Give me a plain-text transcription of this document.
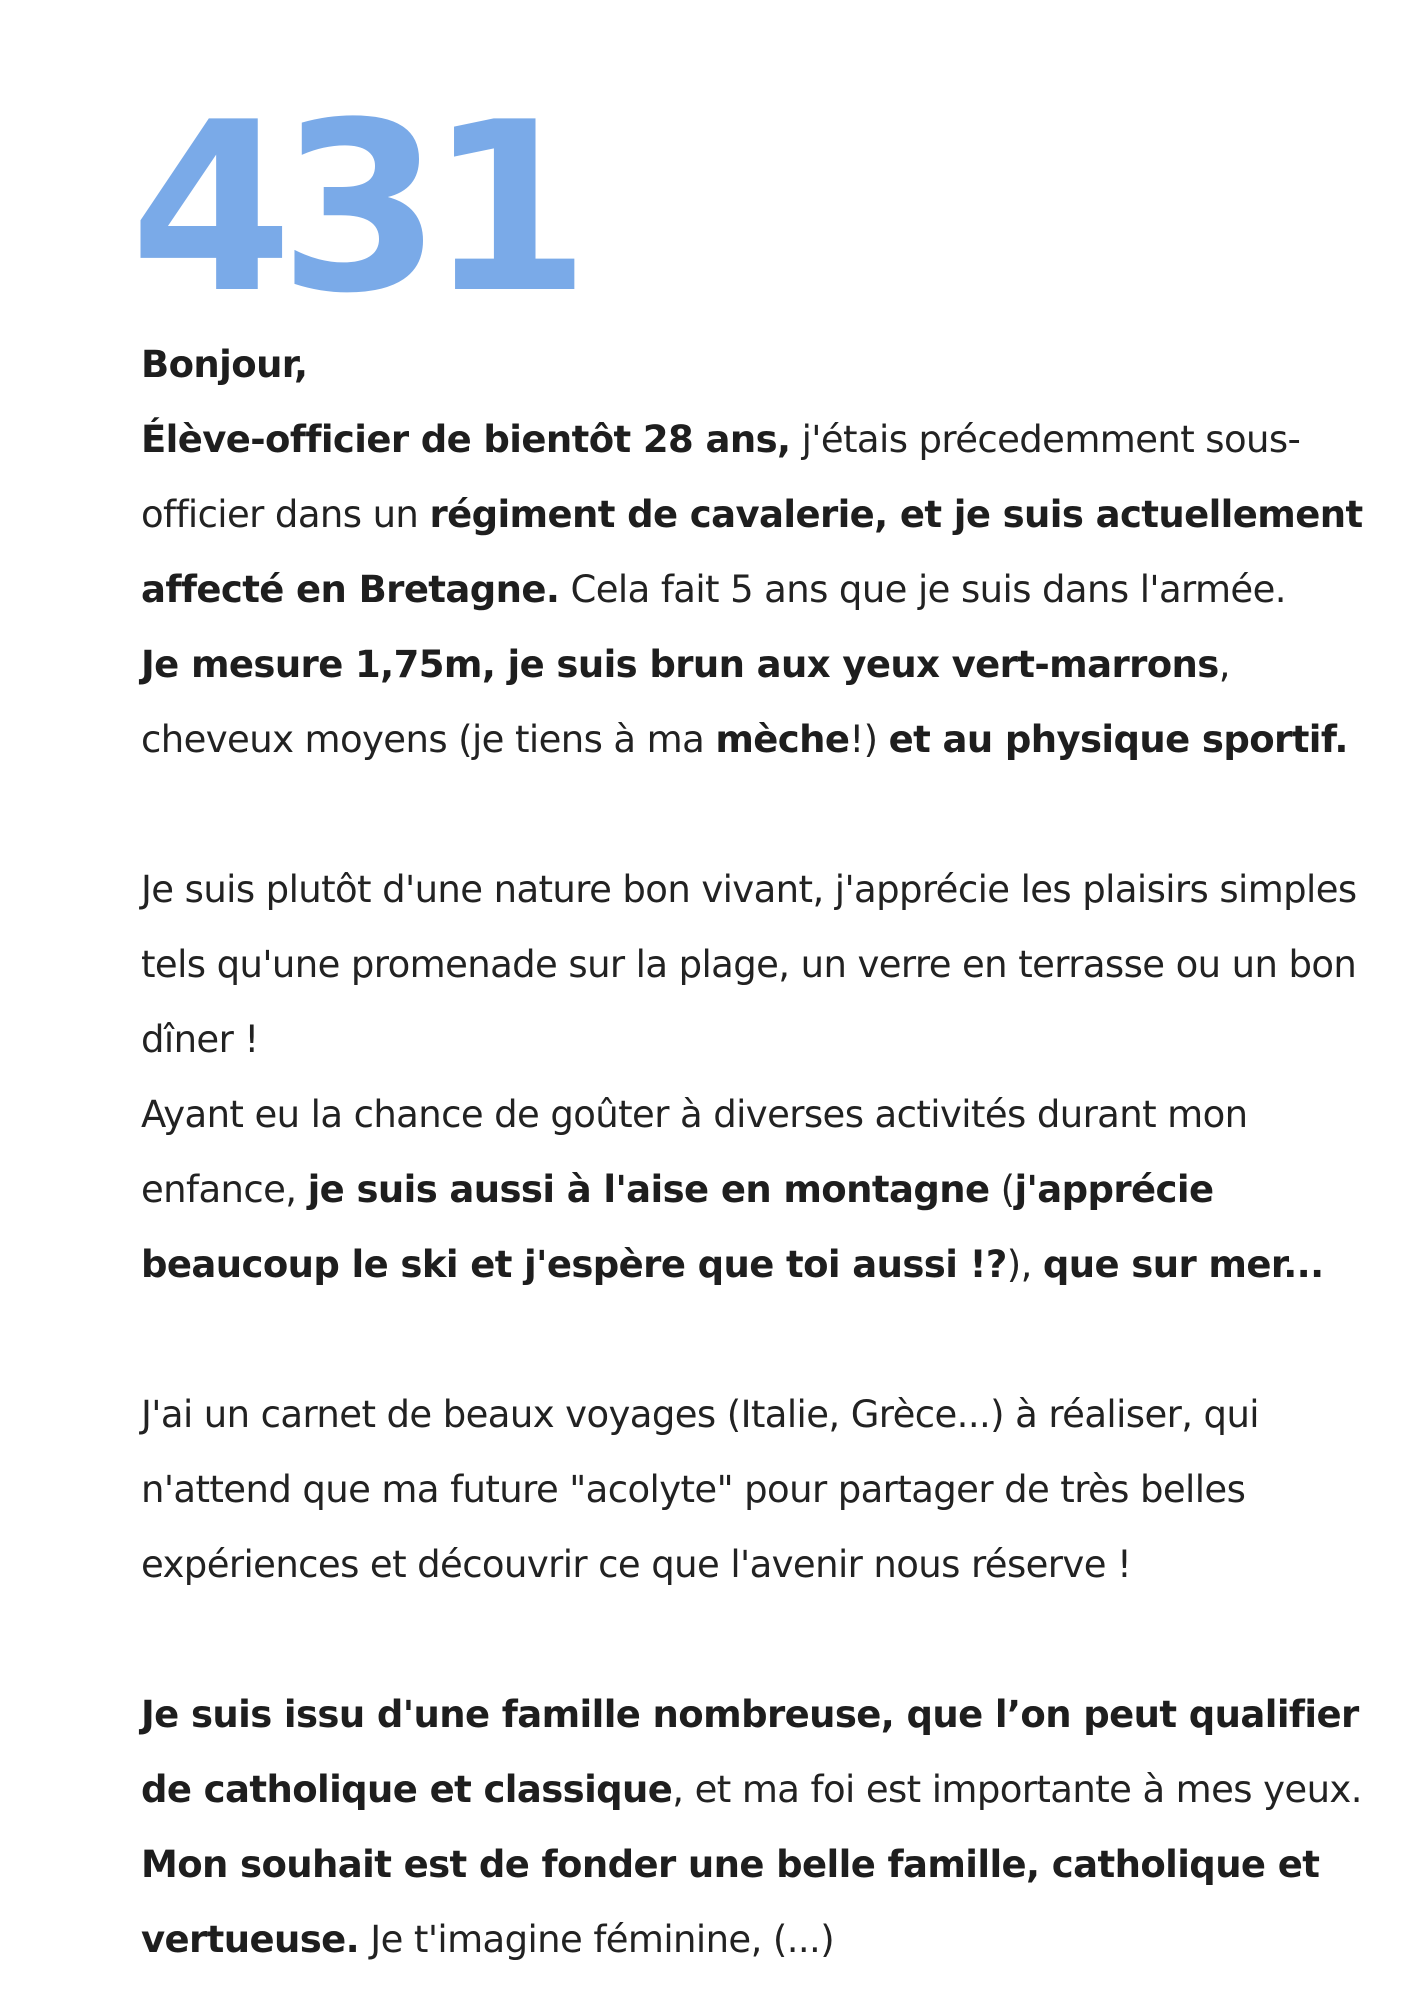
431

Bonjour,

Élève-officier de bientôt 28 ans, j'étais précedemment sous-officier dans un régiment de cavalerie, et je suis actuellement affecté en Bretagne. Cela fait 5 ans que je suis dans l'armée.

Je mesure 1,75m, je suis brun aux yeux vert-marrons, cheveux moyens (je tiens à ma mèche!) et au physique sportif.

Je suis plutôt d'une nature bon vivant, j'apprécie les plaisirs simples tels qu'une promenade sur la plage, un verre en terrasse ou un bon dîner !

Ayant eu la chance de goûter à diverses activités durant mon enfance, je suis aussi à l'aise en montagne (j'apprécie beaucoup le ski et j'espère que toi aussi !?), que sur mer...

J'ai un carnet de beaux voyages (Italie, Grèce...) à réaliser, qui n'attend que ma future "acolyte" pour partager de très belles expériences et découvrir ce que l'avenir nous réserve !

Je suis issu d'une famille nombreuse, que l’on peut qualifier de catholique et classique, et ma foi est importante à mes yeux.

Mon souhait est de fonder une belle famille, catholique et vertueuse. Je t'imagine féminine, (...)
